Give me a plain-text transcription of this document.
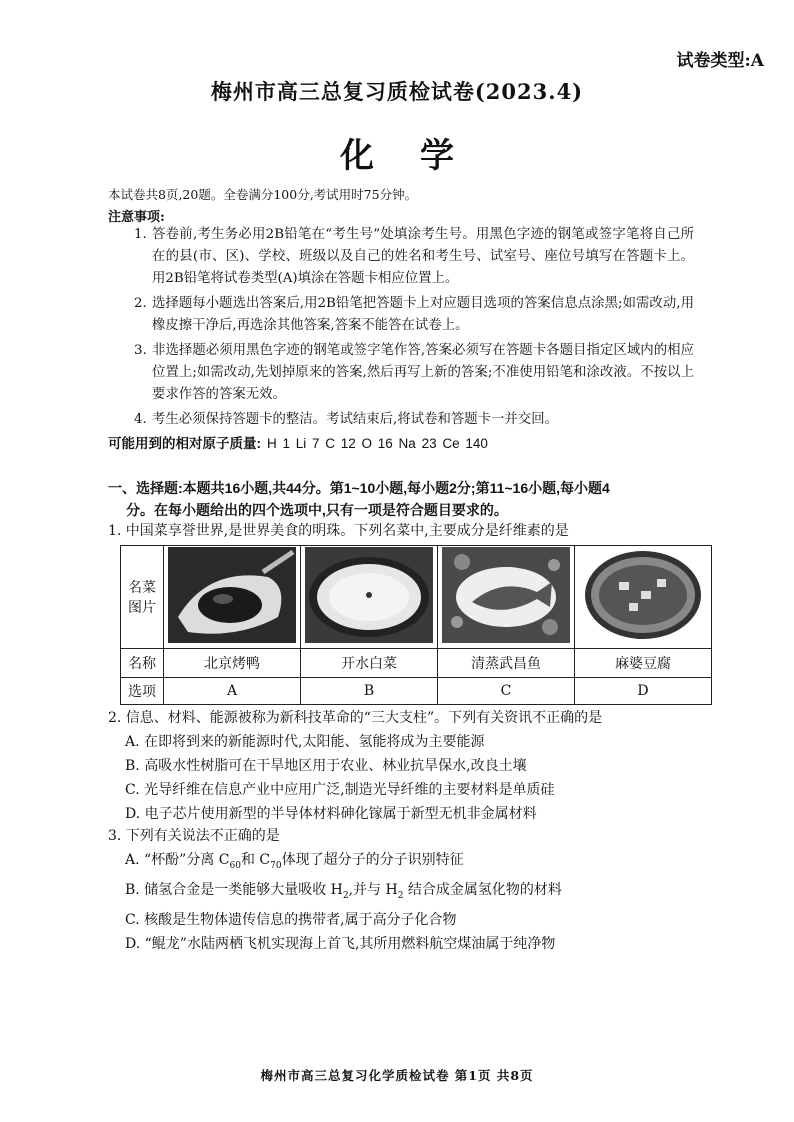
试卷类型:A
梅州市高三总复习质检试卷(2023.4)
化学
本试卷共8页,20题。全卷满分100分,考试用时75分钟。
注意事项:
1. 答卷前,考生务必用2B铅笔在“考生号”处填涂考生号。用黑色字迹的钢笔或签字笔将自己所在的县(市、区)、学校、班级以及自己的姓名和考生号、试室号、座位号填写在答题卡上。用2B铅笔将试卷类型(A)填涂在答题卡相应位置上。
2. 选择题每小题选出答案后,用2B铅笔把答题卡上对应题目选项的答案信息点涂黑;如需改动,用橡皮擦干净后,再选涂其他答案,答案不能答在试卷上。
3. 非选择题必须用黑色字迹的钢笔或签字笔作答,答案必须写在答题卡各题目指定区域内的相应位置上;如需改动,先划掉原来的答案,然后再写上新的答案;不准使用铅笔和涂改液。不按以上要求作答的答案无效。
4. 考生必须保持答题卡的整洁。考试结束后,将试卷和答题卡一并交回。
可能用到的相对原子质量: H 1 Li 7 C 12 O 16 Na 23 Ce 140
一、选择题:本题共16小题,共44分。第1~10小题,每小题2分;第11~16小题,每小题4
分。在每小题给出的四个选项中,只有一项是符合题目要求的。
1. 中国菜享誉世界,是世界美食的明珠。下列名菜中,主要成分是纤维素的是
名菜
图片				
名称	北京烤鸭	开水白菜	清蒸武昌鱼	麻婆豆腐
选项	A	B	C	D
2. 信息、材料、能源被称为新科技革命的“三大支柱”。下列有关资讯不正确的是
A. 在即将到来的新能源时代,太阳能、氢能将成为主要能源
B. 高吸水性树脂可在干旱地区用于农业、林业抗旱保水,改良土壤
C. 光导纤维在信息产业中应用广泛,制造光导纤维的主要材料是单质硅
D. 电子芯片使用新型的半导体材料砷化镓属于新型无机非金属材料
3. 下列有关说法不正确的是
A. “杯酚”分离 $C_{60}$和 $C_{70}$体现了超分子的分子识别特征
B. 储氢合金是一类能够大量吸收 $H_2$,并与 $H_2$ 结合成金属氢化物的材料
C. 核酸是生物体遗传信息的携带者,属于高分子化合物
D. “鲲龙”水陆两栖飞机实现海上首飞,其所用燃料航空煤油属于纯净物
梅州市高三总复习化学质检试卷 第1页 共8页
